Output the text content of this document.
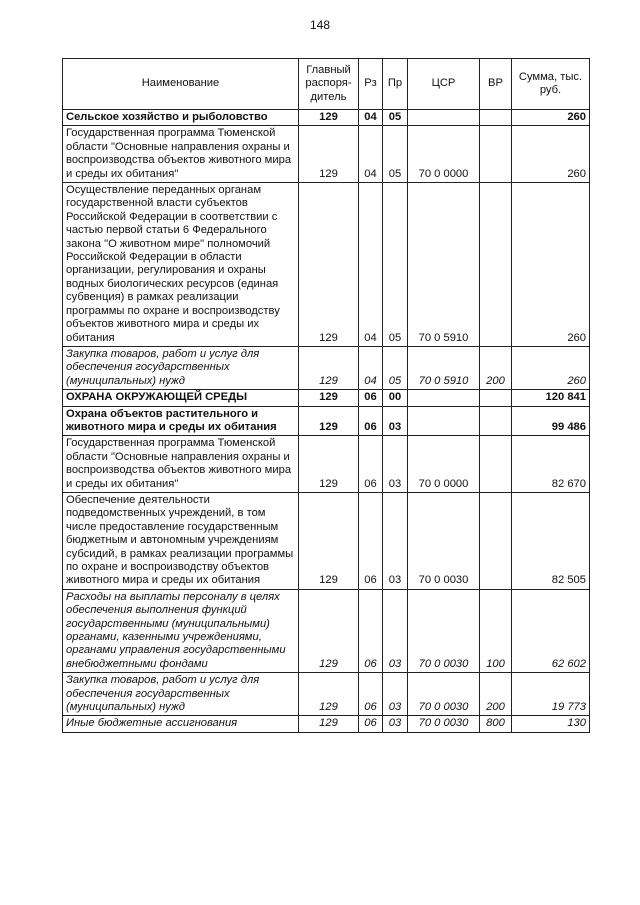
148
Наименование	Главный распоря-дитель	Рз	Пр	ЦСР	ВР	Сумма, тыс. руб.
Сельское хозяйство и рыболовство	129	04	05			260
Государственная программа Тюменской области "Основные направления охраны и воспроизводства объектов животного мира и среды их обитания"	129	04	05	70 0 0000		260
Осуществление переданных органам государственной власти субъектов Российской Федерации в соответствии с частью первой статьи 6 Федерального закона "О животном мире" полномочий Российской Федерации в области организации, регулирования и охраны водных биологических ресурсов (единая субвенция) в рамках реализации программы по охране и воспроизводству объектов животного мира и среды их обитания	129	04	05	70 0 5910		260
Закупка товаров, работ и услуг для обеспечения государственных (муниципальных) нужд	129	04	05	70 0 5910	200	260
ОХРАНА ОКРУЖАЮЩЕЙ СРЕДЫ	129	06	00			120 841
Охрана объектов растительного и животного мира и среды их обитания	129	06	03			99 486
Государственная программа Тюменской области "Основные направления охраны и воспроизводства объектов животного мира и среды их обитания"	129	06	03	70 0 0000		82 670
Обеспечение деятельности подведомственных учреждений, в том числе предоставление государственным бюджетным и автономным учреждениям субсидий, в рамках реализации программы по охране и воспроизводству объектов животного мира и среды их обитания	129	06	03	70 0 0030		82 505
Расходы на выплаты персоналу в целях обеспечения выполнения функций государственными (муниципальными) органами, казенными учреждениями, органами управления государственными внебюджетными фондами	129	06	03	70 0 0030	100	62 602
Закупка товаров, работ и услуг для обеспечения государственных (муниципальных) нужд	129	06	03	70 0 0030	200	19 773
Иные бюджетные ассигнования	129	06	03	70 0 0030	800	130
